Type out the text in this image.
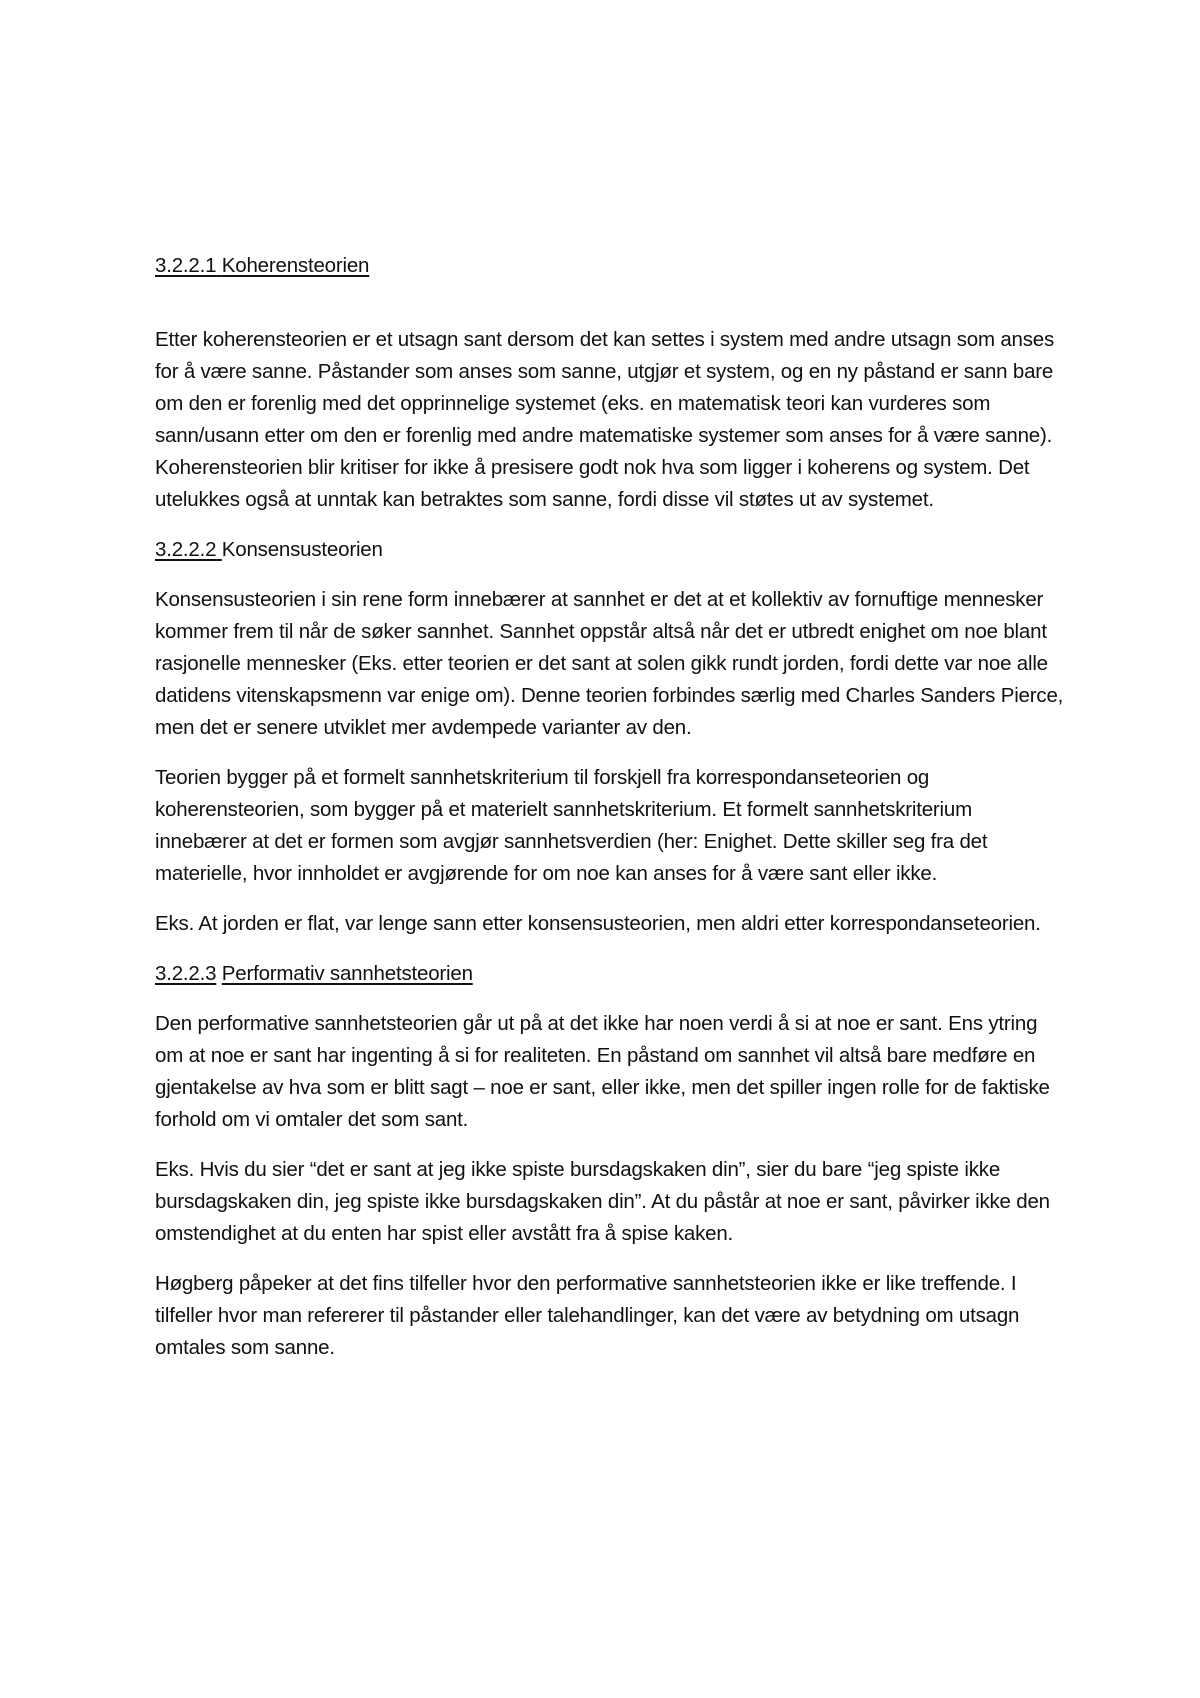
3.2.2.1 Koherensteorien

Etter koherensteorien er et utsagn sant dersom det kan settes i system med andre utsagn som anses for å være sanne. Påstander som anses som sanne, utgjør et system, og en ny påstand er sann bare om den er forenlig med det opprinnelige systemet (eks. en matematisk teori kan vurderes som sann/usann etter om den er forenlig med andre matematiske systemer som anses for å være sanne). Koherensteorien blir kritiser for ikke å presisere godt nok hva som ligger i koherens og system. Det utelukkes også at unntak kan betraktes som sanne, fordi disse vil støtes ut av systemet.

3.2.2.2 Konsensusteorien

Konsensusteorien i sin rene form innebærer at sannhet er det at et kollektiv av fornuftige mennesker kommer frem til når de søker sannhet. Sannhet oppstår altså når det er utbredt enighet om noe blant rasjonelle mennesker (Eks. etter teorien er det sant at solen gikk rundt jorden, fordi dette var noe alle datidens vitenskapsmenn var enige om). Denne teorien forbindes særlig med Charles Sanders Pierce, men det er senere utviklet mer avdempede varianter av den.

Teorien bygger på et formelt sannhetskriterium til forskjell fra korrespondanseteorien og koherensteorien, som bygger på et materielt sannhetskriterium. Et formelt sannhetskriterium innebærer at det er formen som avgjør sannhetsverdien (her: Enighet. Dette skiller seg fra det materielle, hvor innholdet er avgjørende for om noe kan anses for å være sant eller ikke.

Eks. At jorden er flat, var lenge sann etter konsensusteorien, men aldri etter korrespondanseteorien.

3.2.2.3 Performativ sannhetsteorien

Den performative sannhetsteorien går ut på at det ikke har noen verdi å si at noe er sant. Ens ytring om at noe er sant har ingenting å si for realiteten. En påstand om sannhet vil altså bare medføre en gjentakelse av hva som er blitt sagt – noe er sant, eller ikke, men det spiller ingen rolle for de faktiske forhold om vi omtaler det som sant.

Eks. Hvis du sier “det er sant at jeg ikke spiste bursdagskaken din”, sier du bare “jeg spiste ikke bursdagskaken din, jeg spiste ikke bursdagskaken din”. At du påstår at noe er sant, påvirker ikke den omstendighet at du enten har spist eller avstått fra å spise kaken.

Høgberg påpeker at det fins tilfeller hvor den performative sannhetsteorien ikke er like treffende. I tilfeller hvor man refererer til påstander eller talehandlinger, kan det være av betydning om utsagn omtales som sanne.
